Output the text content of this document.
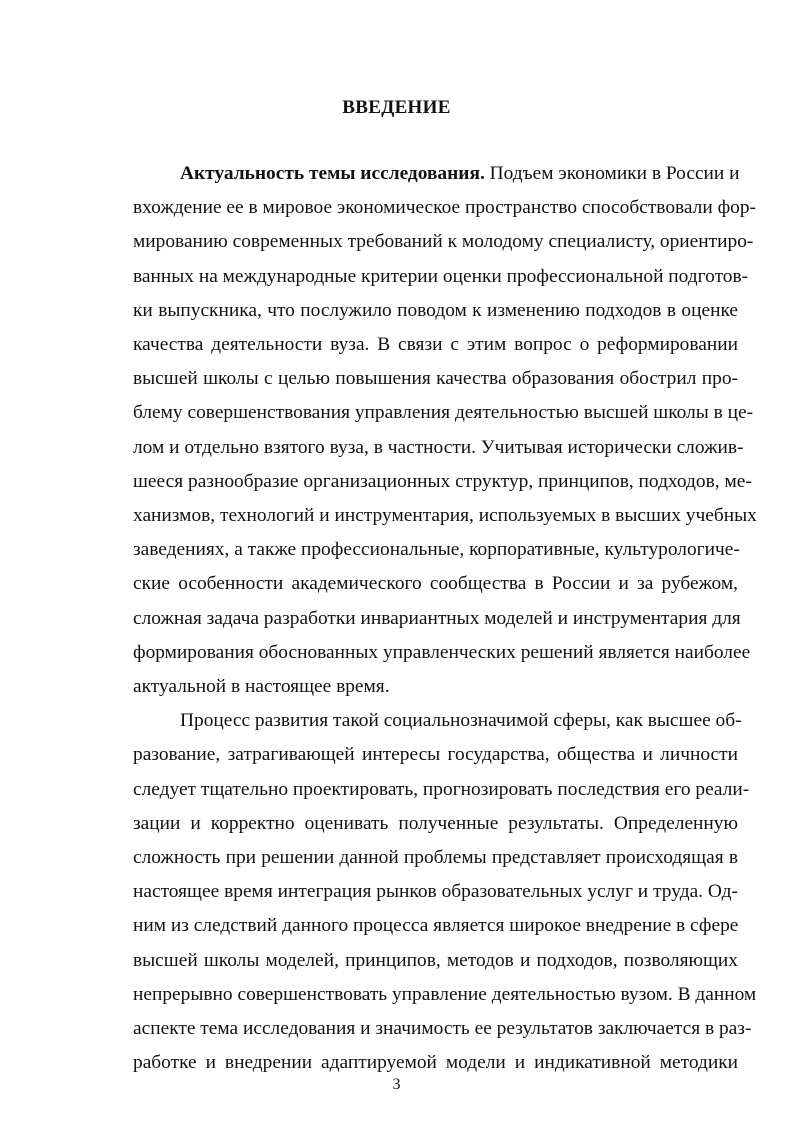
ВВЕДЕНИЕ
Актуальность темы исследования. Подъем экономики в России и
вхождение ее в мировое экономическое пространство способствовали фор-
мированию современных требований к молодому специалисту, ориентиро-
ванных на международные критерии оценки профессиональной подготов-
ки выпускника, что послужило поводом к изменению подходов в оценке
качества деятельности вуза. В связи с этим вопрос о реформировании
высшей школы с целью повышения качества образования обострил про-
блему совершенствования управления деятельностью высшей школы в це-
лом и отдельно взятого вуза, в частности. Учитывая исторически сложив-
шееся разнообразие организационных структур, принципов, подходов, ме-
ханизмов, технологий и инструментария, используемых в высших учебных
заведениях, а также профессиональные, корпоративные, культурологиче-
ские особенности академического сообщества в России и за рубежом,
сложная задача разработки инвариантных моделей и инструментария для
формирования обоснованных управленческих решений является наиболее
актуальной в настоящее время.
Процесс развития такой социальнозначимой сферы, как высшее об-
разование, затрагивающей интересы государства, общества и личности
следует тщательно проектировать, прогнозировать последствия его реали-
зации и корректно оценивать полученные результаты. Определенную
сложность при решении данной проблемы представляет происходящая в
настоящее время интеграция рынков образовательных услуг и труда. Од-
ним из следствий данного процесса является широкое внедрение в сфере
высшей школы моделей, принципов, методов и подходов, позволяющих
непрерывно совершенствовать управление деятельностью вузом. В данном
аспекте тема исследования и значимость ее результатов заключается в раз-
работке и внедрении адаптируемой модели и индикативной методики
3
